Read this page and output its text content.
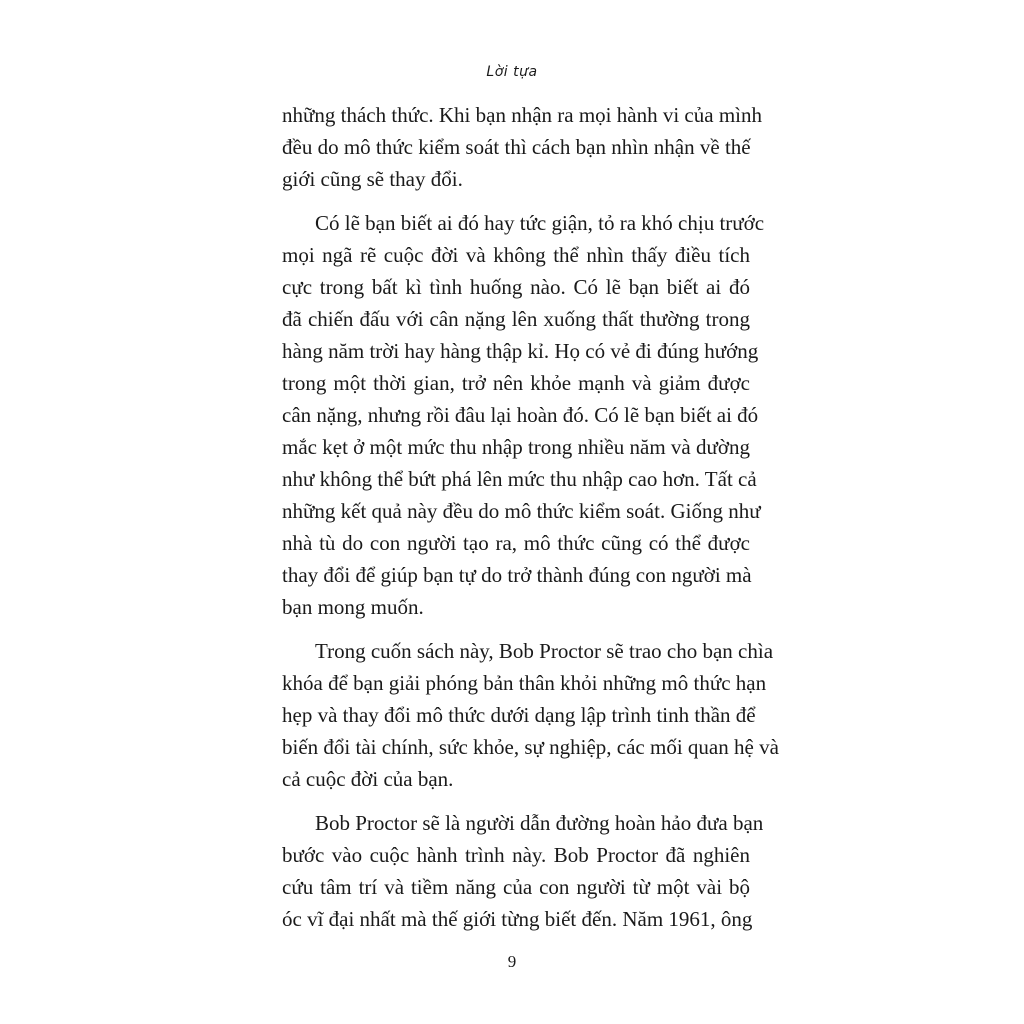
Lời tựa
những thách thức. Khi bạn nhận ra mọi hành vi của mình
đều do mô thức kiểm soát thì cách bạn nhìn nhận về thế
giới cũng sẽ thay đổi.
Có lẽ bạn biết ai đó hay tức giận, tỏ ra khó chịu trước
mọi ngã rẽ cuộc đời và không thể nhìn thấy điều tích
cực trong bất kì tình huống nào. Có lẽ bạn biết ai đó
đã chiến đấu với cân nặng lên xuống thất thường trong
hàng năm trời hay hàng thập kỉ. Họ có vẻ đi đúng hướng
trong một thời gian, trở nên khỏe mạnh và giảm được
cân nặng, nhưng rồi đâu lại hoàn đó. Có lẽ bạn biết ai đó
mắc kẹt ở một mức thu nhập trong nhiều năm và dường
như không thể bứt phá lên mức thu nhập cao hơn. Tất cả
những kết quả này đều do mô thức kiểm soát. Giống như
nhà tù do con người tạo ra, mô thức cũng có thể được
thay đổi để giúp bạn tự do trở thành đúng con người mà
bạn mong muốn.
Trong cuốn sách này, Bob Proctor sẽ trao cho bạn chìa
khóa để bạn giải phóng bản thân khỏi những mô thức hạn
hẹp và thay đổi mô thức dưới dạng lập trình tinh thần để
biến đổi tài chính, sức khỏe, sự nghiệp, các mối quan hệ và
cả cuộc đời của bạn.
Bob Proctor sẽ là người dẫn đường hoàn hảo đưa bạn
bước vào cuộc hành trình này. Bob Proctor đã nghiên
cứu tâm trí và tiềm năng của con người từ một vài bộ
óc vĩ đại nhất mà thế giới từng biết đến. Năm 1961, ông
9
